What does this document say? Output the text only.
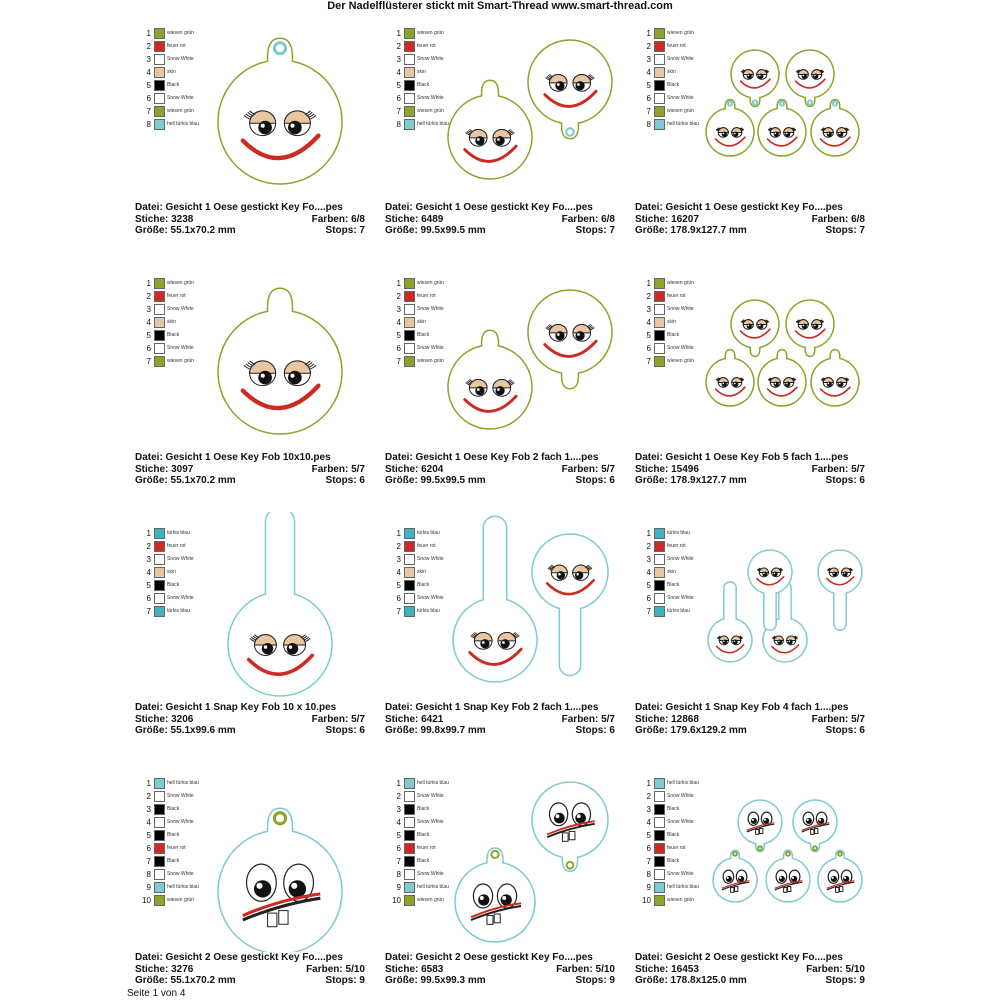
Der Nadelflüsterer stickt mit Smart-Thread www.smart-thread.com
1	wiesen grün
2	feuer rot
3	Snow White
4	skin
5	Black
6	Snow White
7	wiesen grün
8	hell türkis blau
Datei: Gesicht 1 Oese gestickt Key Fo....pes
Stiche: 3238	Farben: 6/8
Größe: 55.1x70.2 mm	Stops: 7
1	wiesen grün
2	feuer rot
3	Snow White
4	skin
5	Black
6	Snow White
7	wiesen grün
8	hell türkis blau
Datei: Gesicht 1 Oese gestickt Key Fo....pes
Stiche: 6489	Farben: 6/8
Größe: 99.5x99.5 mm	Stops: 7
1	wiesen grün
2	feuer rot
3	Snow White
4	skin
5	Black
6	Snow White
7	wiesen grün
8	hell türkis blau
Datei: Gesicht 1 Oese gestickt Key Fo....pes
Stiche: 16207	Farben: 6/8
Größe: 178.9x127.7 mm	Stops: 7
1	wiesen grün
2	feuer rot
3	Snow White
4	skin
5	Black
6	Snow White
7	wiesen grün
Datei: Gesicht 1 Oese Key Fob 10x10.pes
Stiche: 3097	Farben: 5/7
Größe: 55.1x70.2 mm	Stops: 6
1	wiesen grün
2	feuer rot
3	Snow White
4	skin
5	Black
6	Snow White
7	wiesen grün
Datei: Gesicht 1 Oese Key Fob 2 fach 1....pes
Stiche: 6204	Farben: 5/7
Größe: 99.5x99.5 mm	Stops: 6
1	wiesen grün
2	feuer rot
3	Snow White
4	skin
5	Black
6	Snow White
7	wiesen grün
Datei: Gesicht 1 Oese Key Fob 5 fach 1....pes
Stiche: 15496	Farben: 5/7
Größe: 178.9x127.7 mm	Stops: 6
1	türkis blau
2	feuer rot
3	Snow White
4	skin
5	Black
6	Snow White
7	türkis blau
Datei: Gesicht 1 Snap Key Fob 10 x 10.pes
Stiche: 3206	Farben: 5/7
Größe: 55.1x99.6 mm	Stops: 6
1	türkis blau
2	feuer rot
3	Snow White
4	skin
5	Black
6	Snow White
7	türkis blau
Datei: Gesicht 1 Snap Key Fob 2 fach 1....pes
Stiche: 6421	Farben: 5/7
Größe: 99.8x99.7 mm	Stops: 6
1	türkis blau
2	feuer rot
3	Snow White
4	skin
5	Black
6	Snow White
7	türkis blau
Datei: Gesicht 1 Snap Key Fob 4 fach 1....pes
Stiche: 12868	Farben: 5/7
Größe: 179.6x129.2 mm	Stops: 6
1	hell türkis blau
2	Snow White
3	Black
4	Snow White
5	Black
6	feuer rot
7	Black
8	Snow White
9	hell türkis blau
10	wiesen grün
Datei: Gesicht 2 Oese gestickt Key Fo....pes
Stiche: 3276	Farben: 5/10
Größe: 55.1x70.2 mm	Stops: 9
1	hell türkis blau
2	Snow White
3	Black
4	Snow White
5	Black
6	feuer rot
7	Black
8	Snow White
9	hell türkis blau
10	wiesen grün
Datei: Gesicht 2 Oese gestickt Key Fo....pes
Stiche: 6583	Farben: 5/10
Größe: 99.5x99.3 mm	Stops: 9
1	hell türkis blau
2	Snow White
3	Black
4	Snow White
5	Black
6	feuer rot
7	Black
8	Snow White
9	hell türkis blau
10	wiesen grün
Datei: Gesicht 2 Oese gestickt Key Fo....pes
Stiche: 16453	Farben: 5/10
Größe: 178.8x125.0 mm	Stops: 9
Seite 1 von 4
